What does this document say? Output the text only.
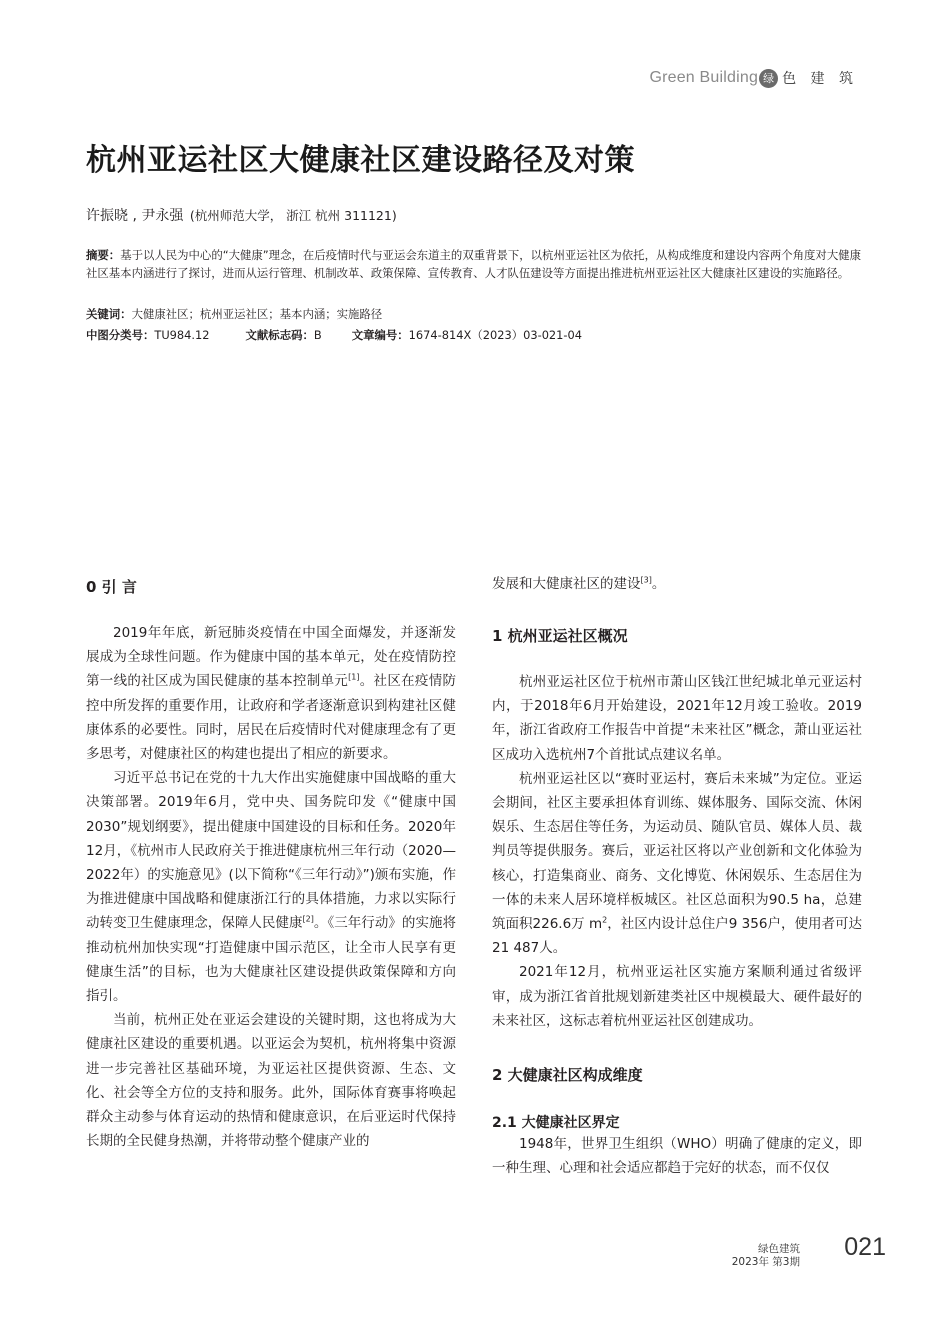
Green Building 绿 色 建 筑
杭州亚运社区大健康社区建设路径及对策
许振晓 , 尹永强 (杭州师范大学， 浙江 杭州 311121)
摘要：基于以人民为中心的“大健康”理念，在后疫情时代与亚运会东道主的双重背景下，以杭州亚运社区为依托，从构成维度和建设内容两个角度对大健康社区基本内涵进行了探讨，进而从运行管理、机制改革、政策保障、宣传教育、人才队伍建设等方面提出推进杭州亚运社区大健康社区建设的实施路径。
关键词：大健康社区；杭州亚运社区；基本内涵；实施路径
中图分类号：TU984.12	文献标志码：B	文章编号：1674-814X（2023）03-021-04
0 引 言

2019年年底，新冠肺炎疫情在中国全面爆发，并逐渐发展成为全球性问题。作为健康中国的基本单元，处在疫情防控第一线的社区成为国民健康的基本控制单元[1]。社区在疫情防控中所发挥的重要作用，让政府和学者逐渐意识到构建社区健康体系的必要性。同时，居民在后疫情时代对健康理念有了更多思考，对健康社区的构建也提出了相应的新要求。

习近平总书记在党的十九大作出实施健康中国战略的重大决策部署。2019年6月，党中央、国务院印发《“健康中国2030”规划纲要》，提出健康中国建设的目标和任务。2020年12月，《杭州市人民政府关于推进健康杭州三年行动（2020—2022年）的实施意见》(以下简称“《三年行动》”)颁布实施，作为推进健康中国战略和健康浙江行的具体措施，力求以实际行动转变卫生健康理念，保障人民健康[2]。《三年行动》的实施将推动杭州加快实现“打造健康中国示范区，让全市人民享有更健康生活”的目标，也为大健康社区建设提供政策保障和方向指引。

当前，杭州正处在亚运会建设的关键时期，这也将成为大健康社区建设的重要机遇。以亚运会为契机，杭州将集中资源进一步完善社区基础环境，为亚运社区提供资源、生态、文化、社会等全方位的支持和服务。此外，国际体育赛事将唤起群众主动参与体育运动的热情和健康意识，在后亚运时代保持长期的全民健身热潮，并将带动整个健康产业的

发展和大健康社区的建设[3]。

1 杭州亚运社区概况

杭州亚运社区位于杭州市萧山区钱江世纪城北单元亚运村内，于2018年6月开始建设，2021年12月竣工验收。2019年，浙江省政府工作报告中首提“未来社区”概念，萧山亚运社区成功入选杭州7个首批试点建议名单。

杭州亚运社区以“赛时亚运村，赛后未来城”为定位。亚运会期间，社区主要承担体育训练、媒体服务、国际交流、休闲娱乐、生态居住等任务，为运动员、随队官员、媒体人员、裁判员等提供服务。赛后，亚运社区将以产业创新和文化体验为核心，打造集商业、商务、文化博览、休闲娱乐、生态居住为一体的未来人居环境样板城区。社区总面积为90.5 ha，总建筑面积226.6万 $m^2$，社区内设计总住户9 356户，使用者可达21 487人。

2021年12月，杭州亚运社区实施方案顺利通过省级评审，成为浙江省首批规划新建类社区中规模最大、硬件最好的未来社区，这标志着杭州亚运社区创建成功。

2 大健康社区构成维度
2.1 大健康社区界定

1948年，世界卫生组织（WHO）明确了健康的定义，即一种生理、心理和社会适应都趋于完好的状态，而不仅仅

绿色建筑
2023年 第3期
021
